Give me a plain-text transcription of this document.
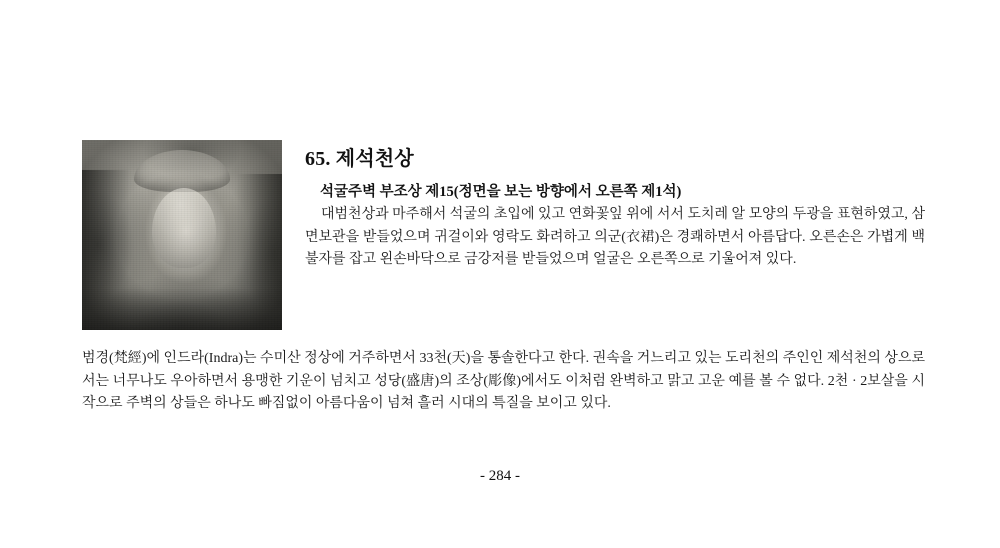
65. 제석천상
석굴주벽 부조상 제15(정면을 보는 방향에서 오른쪽 제1석)

대범천상과 마주해서 석굴의 초입에 있고 연화꽃잎 위에 서서 도치레 알 모양의 두광을 표현하였고, 삼면보관을 받들었으며 귀걸이와 영락도 화려하고 의군(衣裙)은 경쾌하면서 아름답다. 오른손은 가볍게 백불자를 잡고 왼손바닥으로 금강저를 받들었으며 얼굴은 오른쪽으로 기울어져 있다.

범경(梵經)에 인드라(Indra)는 수미산 정상에 거주하면서 33천(天)을 통솔한다고 한다. 권속을 거느리고 있는 도리천의 주인인 제석천의 상으로서는 너무나도 우아하면서 용맹한 기운이 넘치고 성당(盛唐)의 조상(彫像)에서도 이처럼 완벽하고 맑고 고운 예를 볼 수 없다. 2천 · 2보살을 시작으로 주벽의 상들은 하나도 빠짐없이 아름다움이 넘쳐 흘러 시대의 특질을 보이고 있다.

- 284 -
